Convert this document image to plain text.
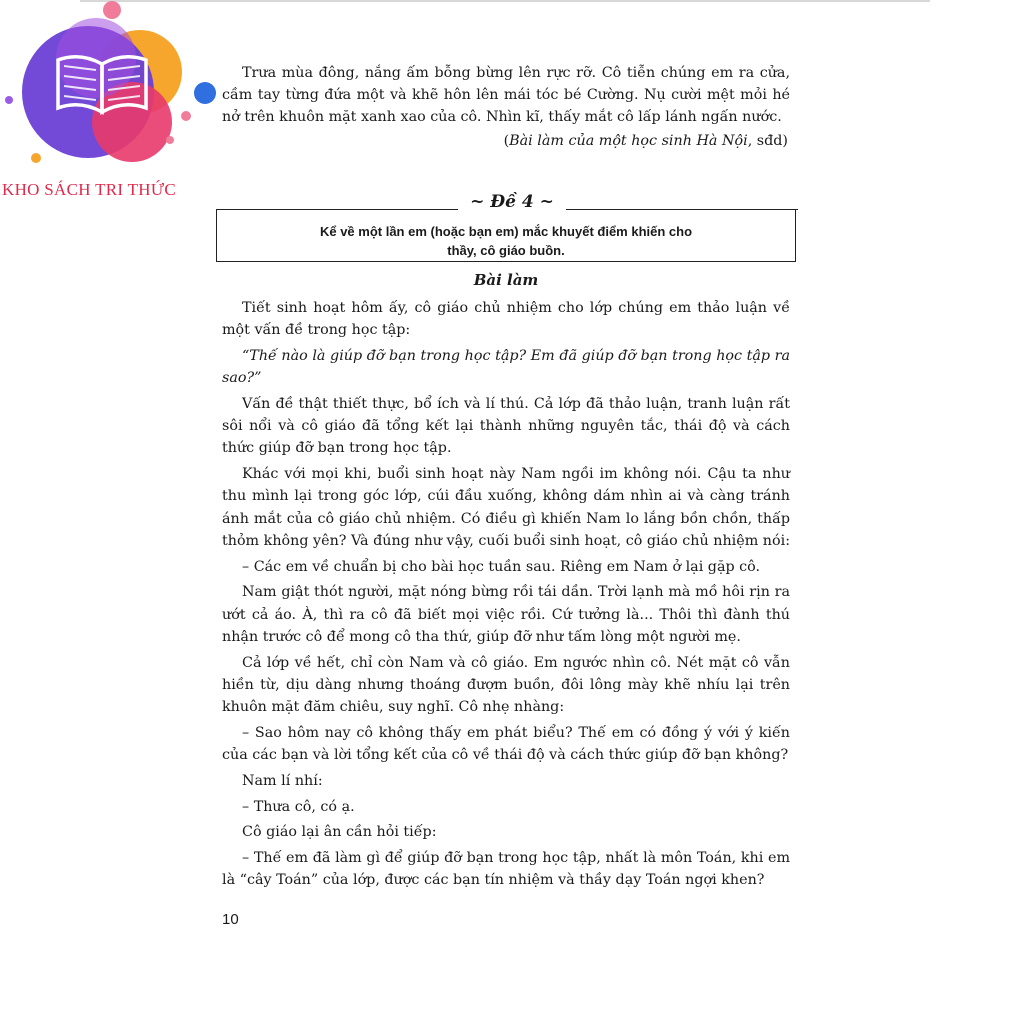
KHO SÁCH TRI THỨC

Trưa mùa đông, nắng ấm bỗng bừng lên rực rỡ. Cô tiễn chúng em ra cửa, cầm tay từng đứa một và khẽ hôn lên mái tóc bé Cường. Nụ cười mệt mỏi hé nở trên khuôn mặt xanh xao của cô. Nhìn kĩ, thấy mắt cô lấp lánh ngấn nước.

(Bài làm của một học sinh Hà Nội, sđd)
~ Đề 4 ~
Kể về một lần em (hoặc bạn em) mắc khuyết điểm khiến cho
thầy, cô giáo buồn.
Bài làm

Tiết sinh hoạt hôm ấy, cô giáo chủ nhiệm cho lớp chúng em thảo luận về một vấn đề trong học tập:

“Thế nào là giúp đỡ bạn trong học tập? Em đã giúp đỡ bạn trong học tập ra sao?”

Vấn đề thật thiết thực, bổ ích và lí thú. Cả lớp đã thảo luận, tranh luận rất sôi nổi và cô giáo đã tổng kết lại thành những nguyên tắc, thái độ và cách thức giúp đỡ bạn trong học tập.

Khác với mọi khi, buổi sinh hoạt này Nam ngồi im không nói. Cậu ta như thu mình lại trong góc lớp, cúi đầu xuống, không dám nhìn ai và càng tránh ánh mắt của cô giáo chủ nhiệm. Có điều gì khiến Nam lo lắng bồn chồn, thấp thỏm không yên? Và đúng như vậy, cuối buổi sinh hoạt, cô giáo chủ nhiệm nói:

– Các em về chuẩn bị cho bài học tuần sau. Riêng em Nam ở lại gặp cô.

Nam giật thót người, mặt nóng bừng rồi tái dần. Trời lạnh mà mồ hôi rịn ra ướt cả áo. À, thì ra cô đã biết mọi việc rồi. Cứ tưởng là... Thôi thì đành thú nhận trước cô để mong cô tha thứ, giúp đỡ như tấm lòng một người mẹ.

Cả lớp về hết, chỉ còn Nam và cô giáo. Em ngước nhìn cô. Nét mặt cô vẫn hiền từ, dịu dàng nhưng thoáng đượm buồn, đôi lông mày khẽ nhíu lại trên khuôn mặt đăm chiêu, suy nghĩ. Cô nhẹ nhàng:

– Sao hôm nay cô không thấy em phát biểu? Thế em có đồng ý với ý kiến của các bạn và lời tổng kết của cô về thái độ và cách thức giúp đỡ bạn không?

Nam lí nhí:

– Thưa cô, có ạ.

Cô giáo lại ân cần hỏi tiếp:

– Thế em đã làm gì để giúp đỡ bạn trong học tập, nhất là môn Toán, khi em là “cây Toán” của lớp, được các bạn tín nhiệm và thầy dạy Toán ngợi khen?

10
